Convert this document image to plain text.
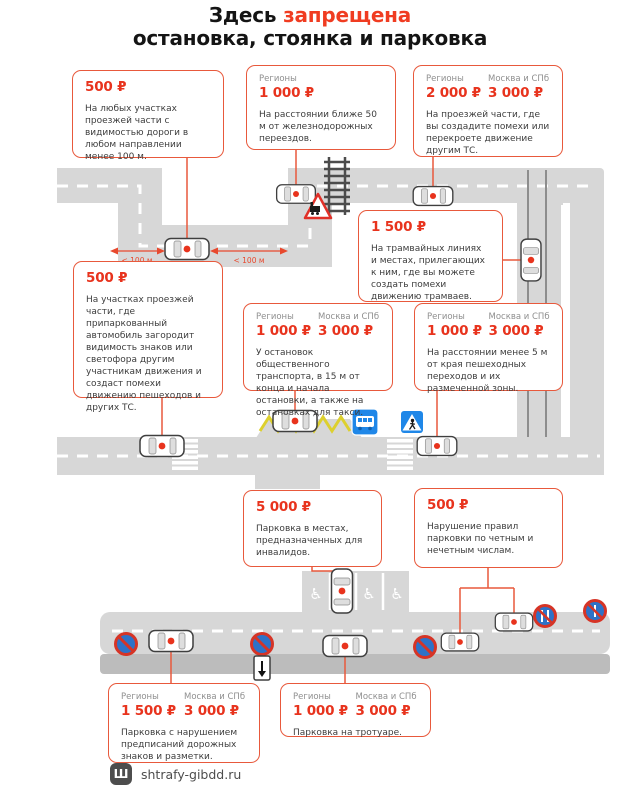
Здесь запрещена
остановка, стоянка и парковка
♿	♿ ♿
< 100 м
500 ₽
На любых участках проезжей части с видимостью дороги в любом направлении менее 100 м.
Регионы
1 000 ₽
На расстоянии ближе 50 м от железнодорожных переездов.
Регионы
2 000 ₽
Москва и СПб
3 000 ₽
На проезжей части, где вы создадите помехи или перекроете движение другим ТС.
1 500 ₽
На трамвайных линиях и местах, прилегающих к ним, где вы можете создать помехи движению трамваев.
500 ₽
На участках проезжей части, где припаркованный автомобиль загородит видимость знаков или светофора другим участникам движения и создаст помехи движению пешеходов и других ТС.
Регионы
1 000 ₽
Москва и СПб
3 000 ₽
У остановок общественного транспорта, в 15 м от конца и начала остановки, а также на остановках для такси.
Регионы
1 000 ₽
Москва и СПб
3 000 ₽
На расстоянии менее 5 м от края пешеходных переходов и их размеченной зоны.
5 000 ₽
Парковка в местах, предназначенных для инвалидов.
500 ₽
Нарушение правил парковки по четным и нечетным числам.
Регионы
1 500 ₽
Москва и СПб
3 000 ₽
Парковка с нарушением предписаний дорожных знаков и разметки.
Регионы
1 000 ₽
Москва и СПб
3 000 ₽
Парковка на тротуаре.
Ш shtrafy-gibdd.ru
